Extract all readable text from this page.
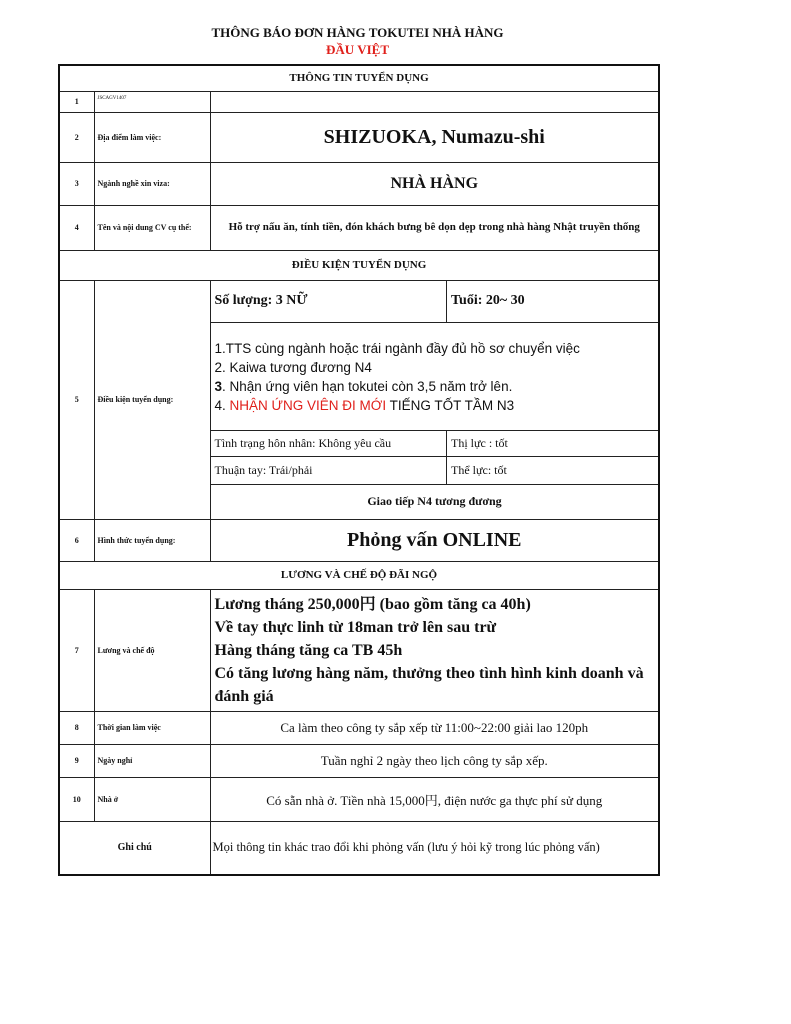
THÔNG BÁO ĐƠN HÀNG TOKUTEI NHÀ HÀNG
ĐẦU VIỆT
THÔNG TIN TUYỂN DỤNG
1	JSCAGV1407	
2	Địa điểm làm việc:	SHIZUOKA, Numazu-shi
3	Ngành nghề xin viza:	NHÀ HÀNG
4	Tên và nội dung CV cụ thể:	Hỗ trợ nấu ăn, tính tiền, đón khách bưng bê dọn dẹp trong nhà hàng Nhật truyền thống
ĐIỀU KIỆN TUYỂN DỤNG
5	Điều kiện tuyển dụng:	
Số lượng: 3 NỮ	Tuổi: 20~ 30

1.TTS cùng ngành hoặc trái ngành đầy đủ hồ sơ chuyển việc
2. Kaiwa tương đương N4
3. Nhận ứng viên hạn tokutei còn 3,5 năm trở lên.
4. NHẬN ỨNG VIÊN ĐI MỚI TIẾNG TỐT TẦM N3

Tình trạng hôn nhân: Không yêu cầu	Thị lực : tốt
Thuận tay: Trái/phải	Thể lực: tốt
Giao tiếp N4 tương đương

6	Hình thức tuyển dụng:	Phỏng vấn ONLINE
LƯƠNG VÀ CHẾ ĐỘ ĐÃI NGỘ
7	Lương và chế độ	
Lương tháng 250,000円 (bao gồm tăng ca 40h)
Về tay thực linh từ 18man trở lên sau trừ
Hàng tháng tăng ca TB 45h
Có tăng lương hàng năm, thưởng theo tình hình kinh doanh và đánh giá

8	Thời gian làm việc	Ca làm theo công ty sắp xếp từ 11:00~22:00 giải lao 120ph
9	Ngày nghỉ	Tuần nghỉ 2 ngày theo lịch công ty sắp xếp.
10	Nhà ở	Có sẵn nhà ở. Tiền nhà 15,000円, điện nước ga thực phí sử dụng
Ghi chú	Mọi thông tin khác trao đổi khi phỏng vấn (lưu ý hỏi kỹ trong lúc phỏng vấn)
